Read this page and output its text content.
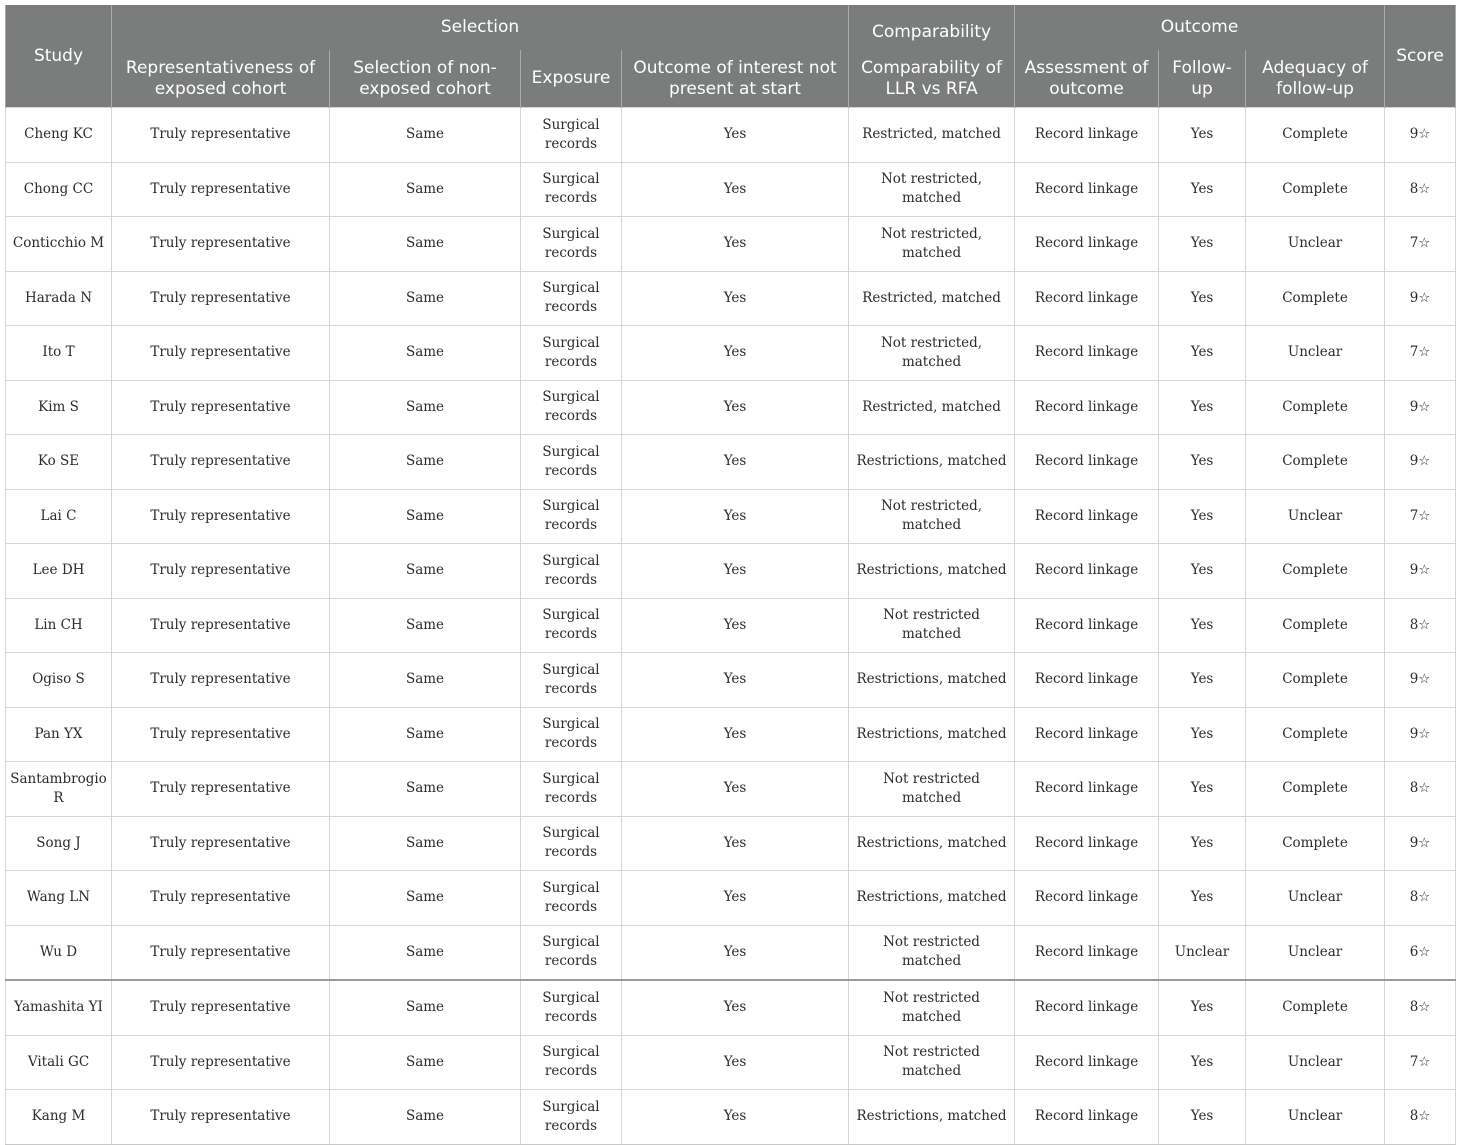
Study	Selection				Comparability	Outcome			Score
	Representativeness of exposed cohort	Selection of non-exposed cohort	Exposure	Outcome of interest not present at start	Comparability of LLR vs RFA	Assessment of outcome	Follow-up	Adequacy of follow-up	
Cheng KC	Truly representative	Same	Surgical records	Yes	Restricted, matched	Record linkage	Yes	Complete	9☆
Chong CC	Truly representative	Same	Surgical records	Yes	Not restricted, matched	Record linkage	Yes	Complete	8☆
Conticchio M	Truly representative	Same	Surgical records	Yes	Not restricted, matched	Record linkage	Yes	Unclear	7☆
Harada N	Truly representative	Same	Surgical records	Yes	Restricted, matched	Record linkage	Yes	Complete	9☆
Ito T	Truly representative	Same	Surgical records	Yes	Not restricted, matched	Record linkage	Yes	Unclear	7☆
Kim S	Truly representative	Same	Surgical records	Yes	Restricted, matched	Record linkage	Yes	Complete	9☆
Ko SE	Truly representative	Same	Surgical records	Yes	Restrictions, matched	Record linkage	Yes	Complete	9☆
Lai C	Truly representative	Same	Surgical records	Yes	Not restricted, matched	Record linkage	Yes	Unclear	7☆
Lee DH	Truly representative	Same	Surgical records	Yes	Restrictions, matched	Record linkage	Yes	Complete	9☆
Lin CH	Truly representative	Same	Surgical records	Yes	Not restricted matched	Record linkage	Yes	Complete	8☆
Ogiso S	Truly representative	Same	Surgical records	Yes	Restrictions, matched	Record linkage	Yes	Complete	9☆
Pan YX	Truly representative	Same	Surgical records	Yes	Restrictions, matched	Record linkage	Yes	Complete	9☆
Santambrogio R	Truly representative	Same	Surgical records	Yes	Not restricted matched	Record linkage	Yes	Complete	8☆
Song J	Truly representative	Same	Surgical records	Yes	Restrictions, matched	Record linkage	Yes	Complete	9☆
Wang LN	Truly representative	Same	Surgical records	Yes	Restrictions, matched	Record linkage	Yes	Unclear	8☆
Wu D	Truly representative	Same	Surgical records	Yes	Not restricted matched	Record linkage	Unclear	Unclear	6☆
Yamashita YI	Truly representative	Same	Surgical records	Yes	Not restricted matched	Record linkage	Yes	Complete	8☆
Vitali GC	Truly representative	Same	Surgical records	Yes	Not restricted matched	Record linkage	Yes	Unclear	7☆
Kang M	Truly representative	Same	Surgical records	Yes	Restrictions, matched	Record linkage	Yes	Unclear	8☆
